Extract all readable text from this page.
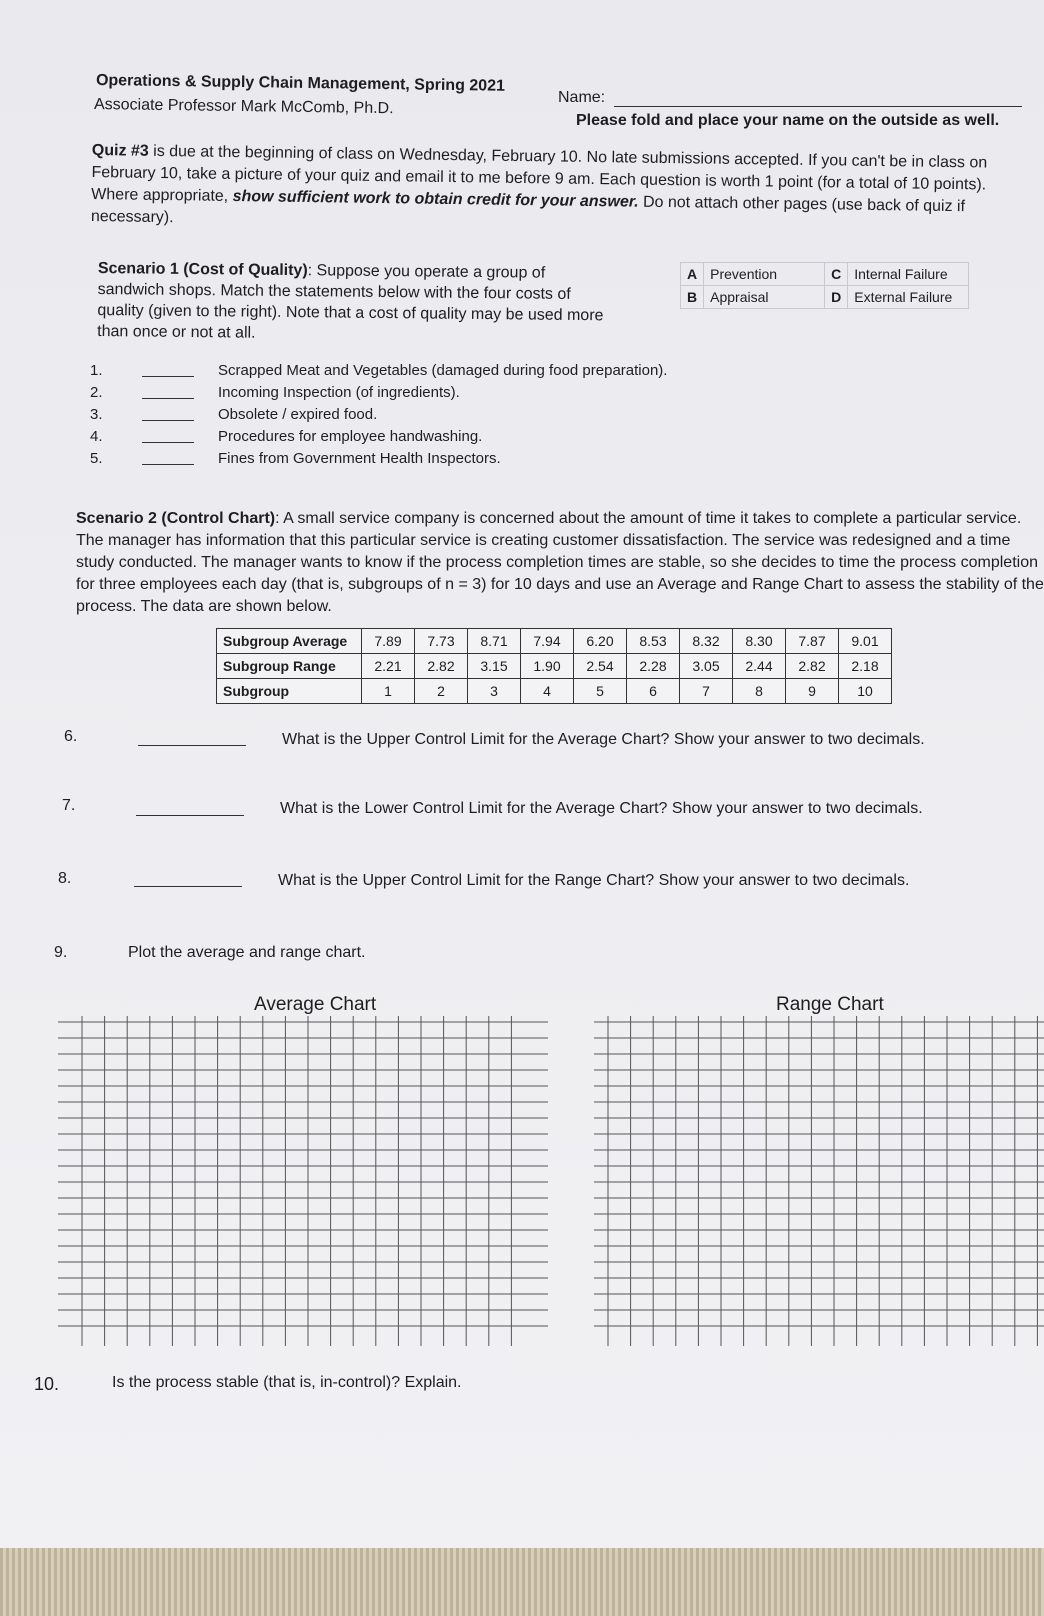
Operations & Supply Chain Management, Spring 2021
Associate Professor Mark McComb, Ph.D.	Name:
Please fold and place your name on the outside as well.
Quiz #3 is due at the beginning of class on Wednesday, February 10. No late submissions accepted. If you can't be in class on February 10, take a picture of your quiz and email it to me before 9 am. Each question is worth 1 point (for a total of 10 points). Where appropriate, show sufficient work to obtain credit for your answer. Do not attach other pages (use back of quiz if necessary).
Scenario 1 (Cost of Quality): Suppose you operate a group of sandwich shops. Match the statements below with the four costs of quality (given to the right). Note that a cost of quality may be used more than once or not at all.
A	Prevention	C	Internal Failure
B	Appraisal	D	External Failure
1.	Scrapped Meat and Vegetables (damaged during food preparation).
2.	Incoming Inspection (of ingredients).
3.	Obsolete / expired food.
4.	Procedures for employee handwashing.
5.	Fines from Government Health Inspectors.
Scenario 2 (Control Chart): A small service company is concerned about the amount of time it takes to complete a particular service. The manager has information that this particular service is creating customer dissatisfaction. The service was redesigned and a time study conducted. The manager wants to know if the process completion times are stable, so she decides to time the process completion for three employees each day (that is, subgroups of n = 3) for 10 days and use an Average and Range Chart to assess the stability of the process. The data are shown below.
Subgroup Average	7.89	7.73	8.71	7.94	6.20	8.53	8.32	8.30	7.87	9.01
Subgroup Range	2.21	2.82	3.15	1.90	2.54	2.28	3.05	2.44	2.82	2.18
Subgroup	1	2	3	4	5	6	7	8	9	10
6.	What is the Upper Control Limit for the Average Chart? Show your answer to two decimals.
7.	What is the Lower Control Limit for the Average Chart? Show your answer to two decimals.
8.	What is the Upper Control Limit for the Range Chart? Show your answer to two decimals.
9.	Plot the average and range chart.
Average Chart	Range Chart
10.	Is the process stable (that is, in-control)? Explain.
